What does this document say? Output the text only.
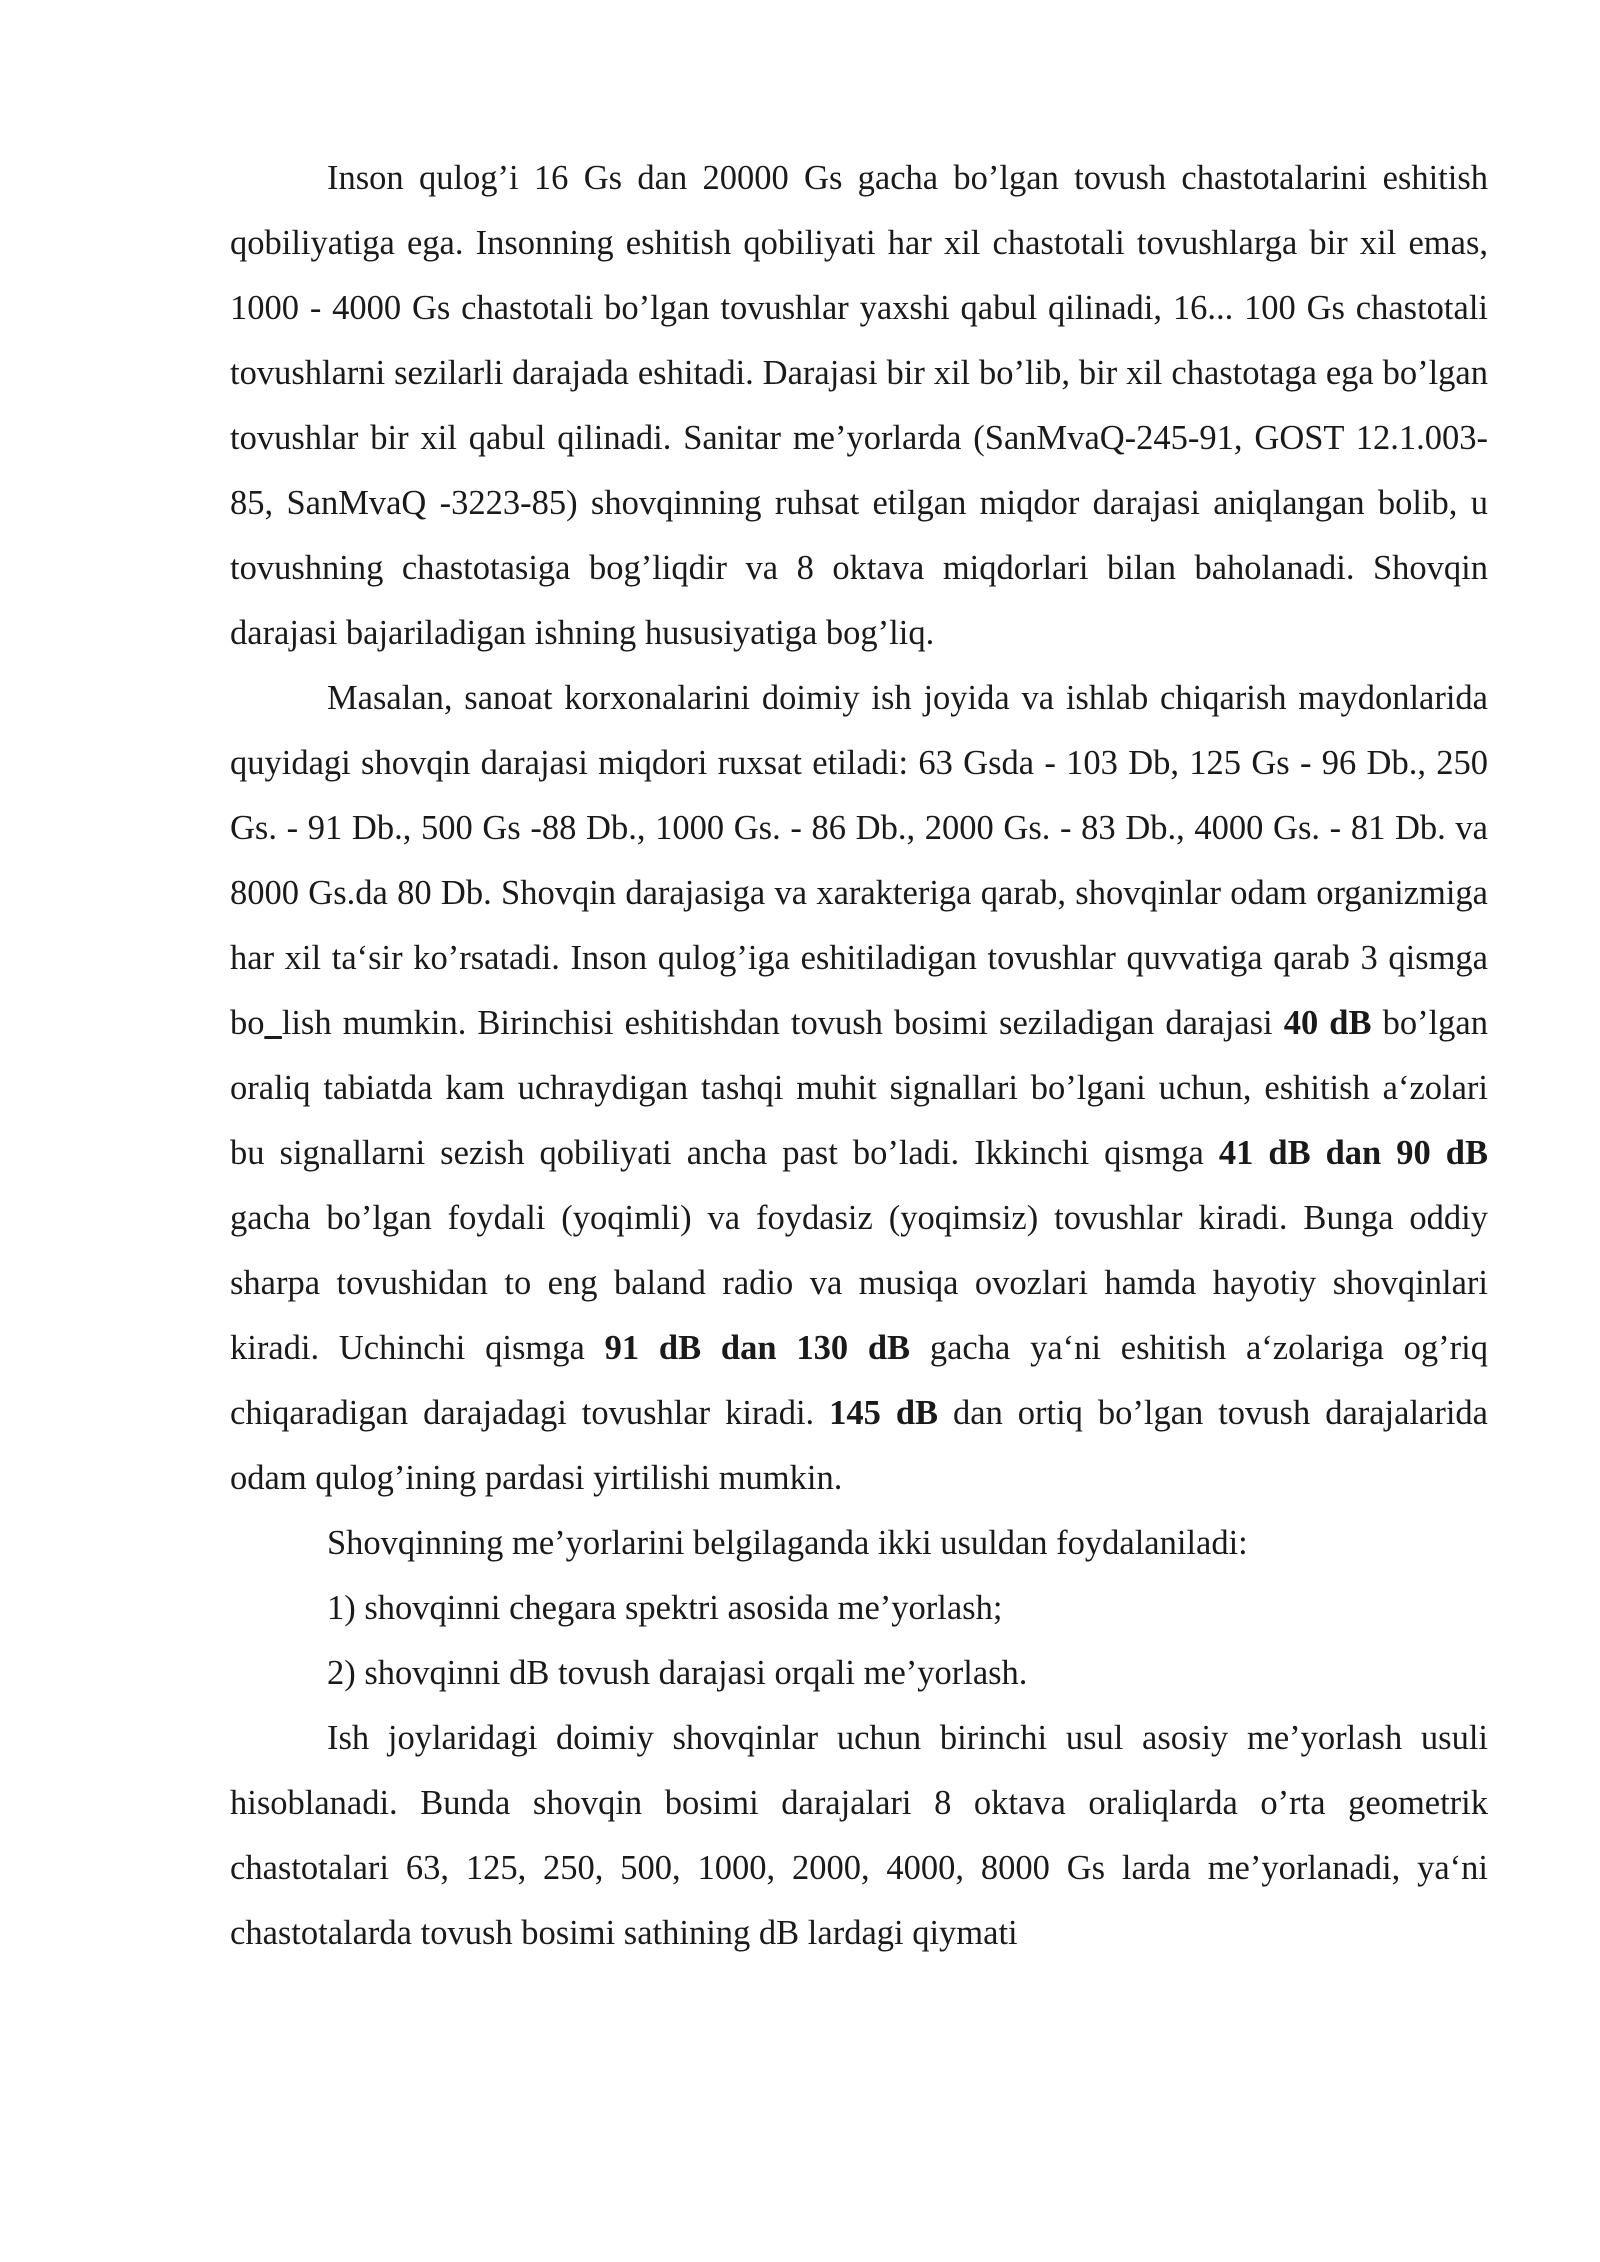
Inson qulog’i 16 Gs dan 20000 Gs gacha bo’lgan tovush chastotalarini eshitish qobiliyatiga ega. Insonning eshitish qobiliyati har xil chastotali tovushlarga bir xil emas, 1000 - 4000 Gs chastotali bo’lgan tovushlar yaxshi qabul qilinadi, 16... 100 Gs chastotali tovushlarni sezilarli darajada eshitadi. Darajasi bir xil bo’lib, bir xil chastotaga ega bo’lgan tovushlar bir xil qabul qilinadi. Sanitar me’yorlarda (SanMvaQ-245-91, GOST 12.1.003-85, SanMvaQ -3223-85) shovqinning ruhsat etilgan miqdor darajasi aniqlangan bolib, u tovushning chastotasiga bog’liqdir va 8 oktava miqdorlari bilan baholanadi. Shovqin darajasi bajariladigan ishning hususiyatiga bog’liq.

Masalan, sanoat korxonalarini doimiy ish joyida va ishlab chiqarish maydonlarida quyidagi shovqin darajasi miqdori ruxsat etiladi: 63 Gsda - 103 Db, 125 Gs - 96 Db., 250 Gs. - 91 Db., 500 Gs -88 Db., 1000 Gs. - 86 Db., 2000 Gs. - 83 Db., 4000 Gs. - 81 Db. va 8000 Gs.da 80 Db. Shovqin darajasiga va xarakteriga qarab, shovqinlar odam organizmiga har xil ta‘sir ko’rsatadi. Inson qulog’iga eshitiladigan tovushlar quvvatiga qarab 3 qismga bo_lish mumkin. Birinchisi eshitishdan tovush bosimi seziladigan darajasi 40 dB bo’lgan oraliq tabiatda kam uchraydigan tashqi muhit signallari bo’lgani uchun, eshitish a‘zolari bu signallarni sezish qobiliyati ancha past bo’ladi. Ikkinchi qismga 41 dB dan 90 dB gacha bo’lgan foydali (yoqimli) va foydasiz (yoqimsiz) tovushlar kiradi. Bunga oddiy sharpa tovushidan to eng baland radio va musiqa ovozlari hamda hayotiy shovqinlari kiradi. Uchinchi qismga 91 dB dan 130 dB gacha ya‘ni eshitish a‘zolariga og’riq chiqaradigan darajadagi tovushlar kiradi. 145 dB dan ortiq bo’lgan tovush darajalarida odam qulog’ining pardasi yirtilishi mumkin.

Shovqinning me’yorlarini belgilaganda ikki usuldan foydalaniladi:

1) shovqinni chegara spektri asosida me’yorlash;

2) shovqinni dB tovush darajasi orqali me’yorlash.

Ish joylaridagi doimiy shovqinlar uchun birinchi usul asosiy me’yorlash usuli hisoblanadi. Bunda shovqin bosimi darajalari 8 oktava oraliqlarda o’rta geometrik chastotalari 63, 125, 250, 500, 1000, 2000, 4000, 8000 Gs larda me’yorlanadi, ya‘ni chastotalarda tovush bosimi sathining dB lardagi qiymati
